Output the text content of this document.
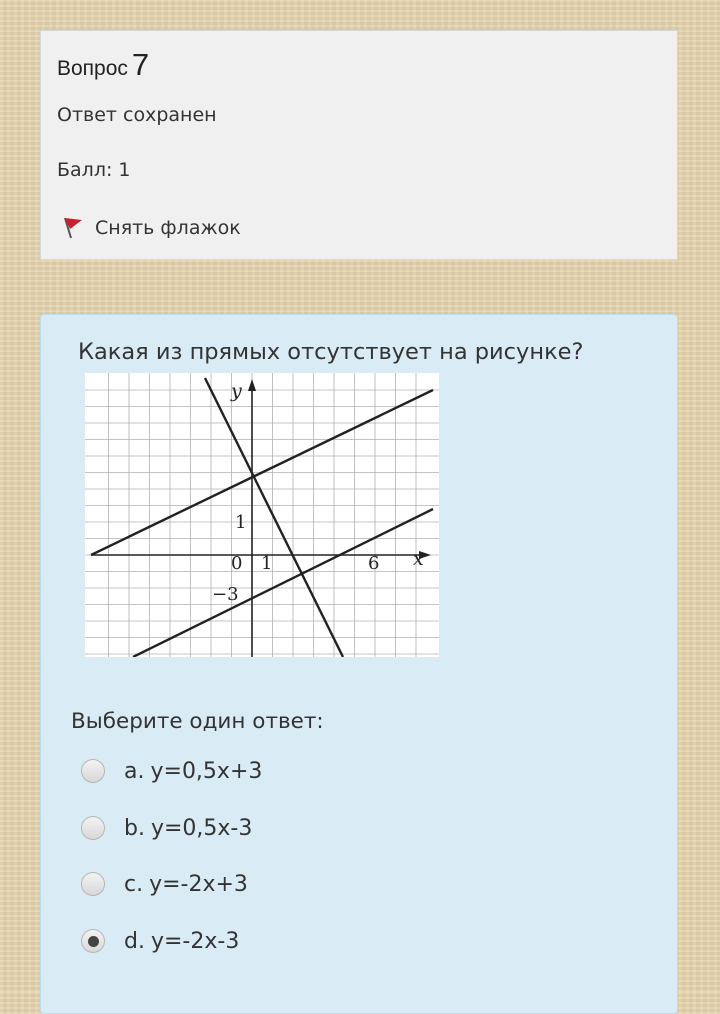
Вопрос 7
Ответ сохранен
Балл: 1
Снять флажок
Какая из прямых отсутствует на рисунке?
y
x
0
1
1	6
−3
Выберите один ответ:
a. y=0,5x+3
b. y=0,5x-3
c. y=-2x+3
d. y=-2x-3
